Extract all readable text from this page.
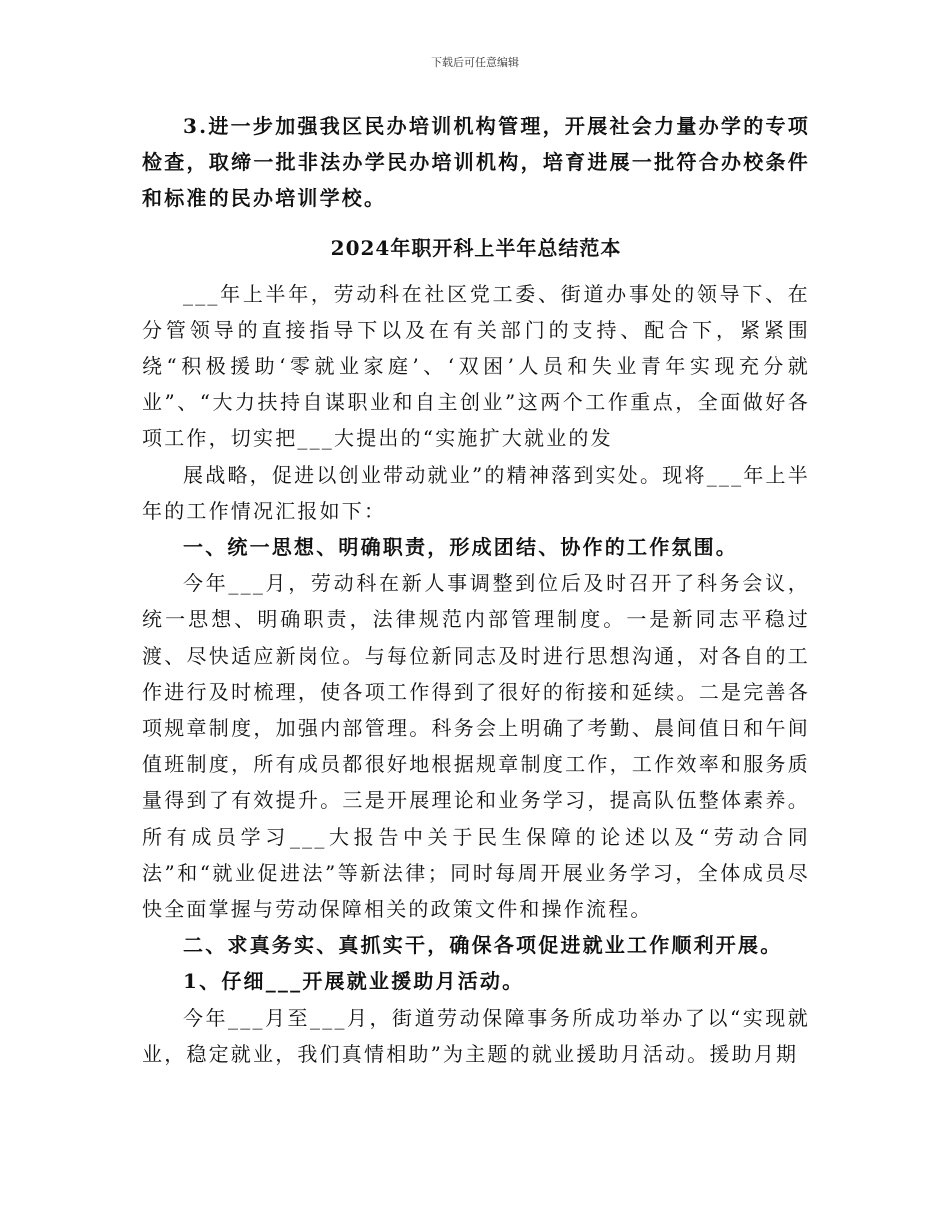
下载后可任意编辑

3.进一步加强我区民办培训机构管理，开展社会力量办学的专项检查，取缔一批非法办学民办培训机构，培育进展一批符合办校条件和标准的民办培训学校。

2024年职开科上半年总结范本

___年上半年，劳动科在社区党工委、街道办事处的领导下、在分管领导的直接指导下以及在有关部门的支持、配合下，紧紧围绕“积极援助‘零就业家庭’、‘双困’人员和失业青年实现充分就业”、“大力扶持自谋职业和自主创业”这两个工作重点，全面做好各项工作，切实把___大提出的“实施扩大就业的发

展战略，促进以创业带动就业”的精神落到实处。现将___年上半年的工作情况汇报如下：

一、统一思想、明确职责，形成团结、协作的工作氛围。

今年___月，劳动科在新人事调整到位后及时召开了科务会议，统一思想、明确职责，法律规范内部管理制度。一是新同志平稳过渡、尽快适应新岗位。与每位新同志及时进行思想沟通，对各自的工作进行及时梳理，使各项工作得到了很好的衔接和延续。二是完善各项规章制度，加强内部管理。科务会上明确了考勤、晨间值日和午间值班制度，所有成员都很好地根据规章制度工作，工作效率和服务质量得到了有效提升。三是开展理论和业务学习，提高队伍整体素养。所有成员学习___大报告中关于民生保障的论述以及“劳动合同法”和“就业促进法”等新法律；同时每周开展业务学习，全体成员尽快全面掌握与劳动保障相关的政策文件和操作流程。

二、求真务实、真抓实干，确保各项促进就业工作顺利开展。

1、仔细___开展就业援助月活动。

今年___月至___月，街道劳动保障事务所成功举办了以“实现就业，稳定就业，我们真情相助”为主题的就业援助月活动。援助月期
